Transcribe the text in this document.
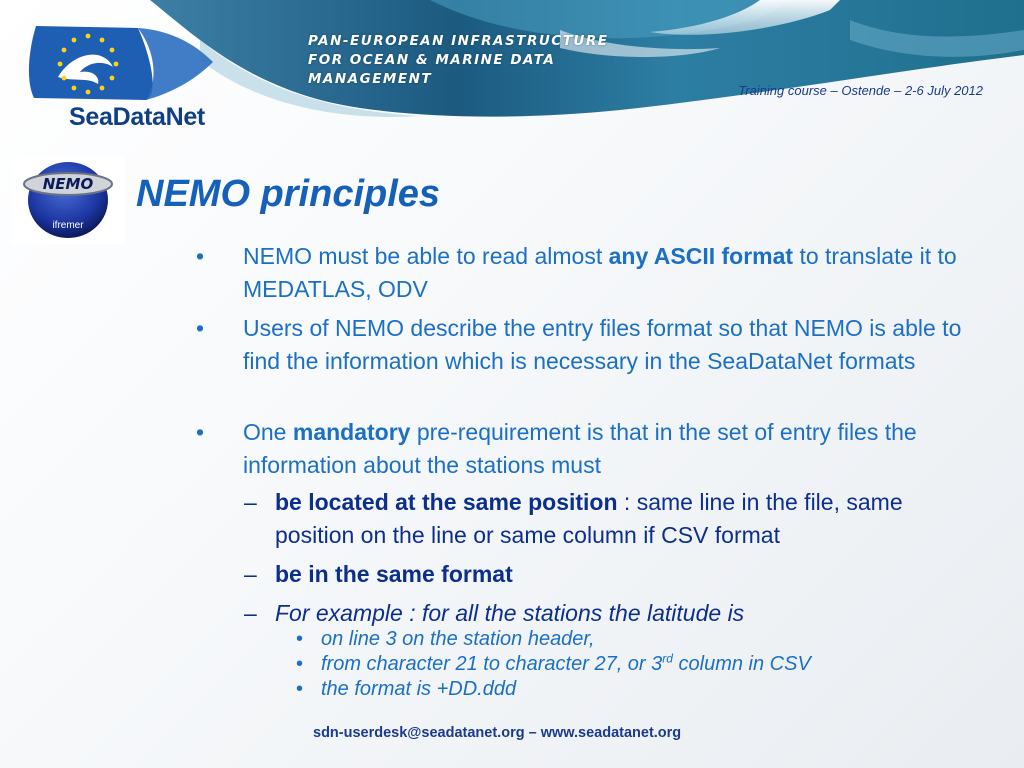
PAN-EUROPEAN INFRASTRUCTURE
FOR OCEAN & MARINE DATA
MANAGEMENT
Training course – Ostende – 2-6 July 2012
SeaDataNet
NEMO
ifremer
NEMO principles
• NEMO must be able to read almost any ASCII format to translate it to MEDATLAS, ODV
• Users of NEMO describe the entry files format so that NEMO is able to find the information which is necessary in the SeaDataNet formats
• One mandatory pre-requirement is that in the set of entry files the information about the stations must
– be located at the same position : same line in the file, same position on the line or same column if CSV format
– be in the same format
– For example : for all the stations the latitude is
• on line 3 on the station header,
• from character 21 to character 27, or 3rd column in CSV
• the format is +DD.ddd
sdn-userdesk@seadatanet.org – www.seadatanet.org
